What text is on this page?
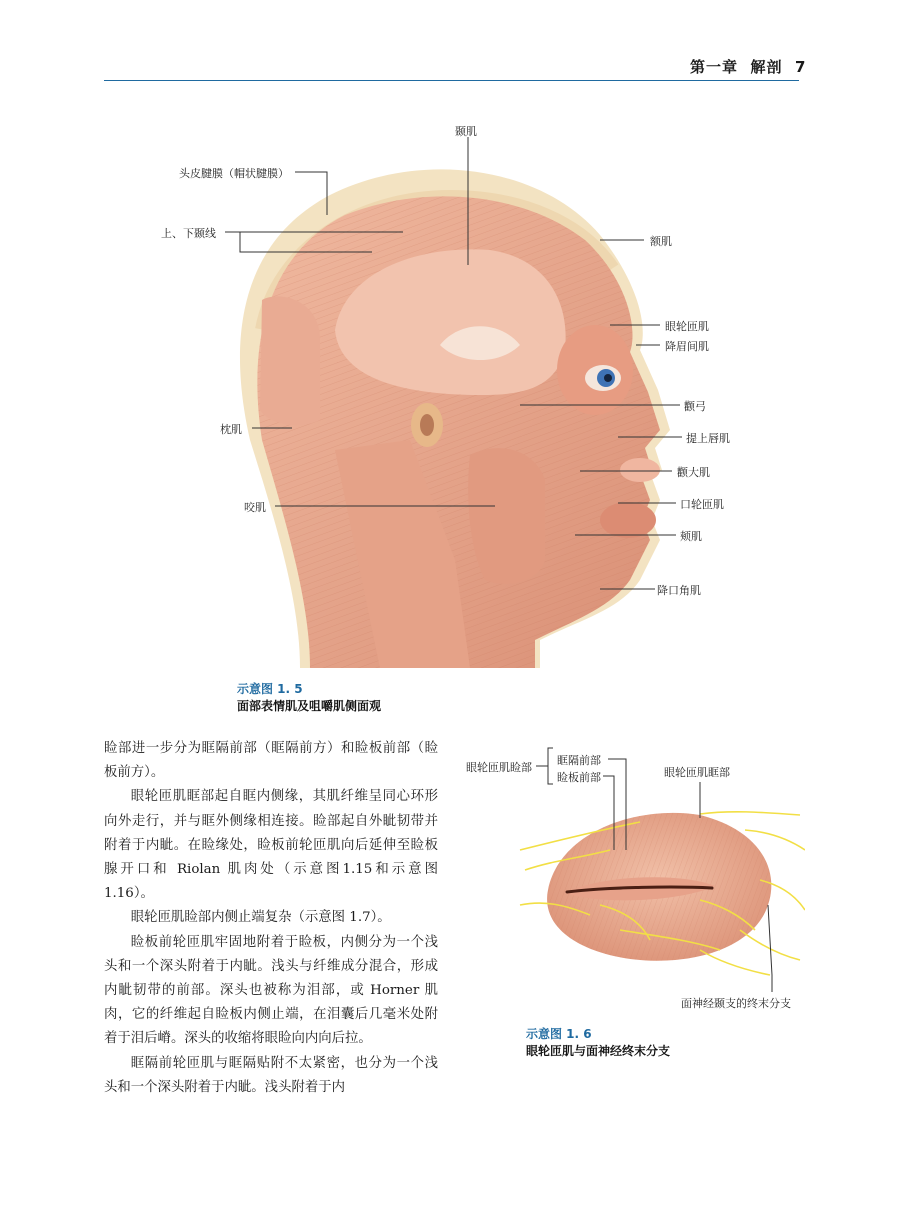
第一章 解剖 7
颞肌
头皮腱膜（帽状腱膜）
上、下颞线
额肌
眼轮匝肌
降眉间肌
颧弓
提上唇肌
枕肌
颧大肌
咬肌	口轮匝肌
颊肌
降口角肌
示意图 1. 5
面部表情肌及咀嚼肌侧面观

睑部进一步分为眶隔前部（眶隔前方）和睑板前部（睑板前方）。

眼轮匝肌眶部起自眶内侧缘，其肌纤维呈同心环形向外走行，并与眶外侧缘相连接。睑部起自外眦韧带并附着于内眦。在睑缘处，睑板前轮匝肌向后延伸至睑板腺开口和 Riolan 肌肉处（示意图1.15和示意图 1.16）。

眼轮匝肌睑部内侧止端复杂（示意图 1.7）。

睑板前轮匝肌牢固地附着于睑板，内侧分为一个浅头和一个深头附着于内眦。浅头与纤维成分混合，形成内眦韧带的前部。深头也被称为泪部，或 Horner 肌肉，它的纤维起自睑板内侧止端，在泪囊后几毫米处附着于泪后嵴。深头的收缩将眼睑向内向后拉。

眶隔前轮匝肌与眶隔贴附不太紧密，也分为一个浅头和一个深头附着于内眦。浅头附着于内

眼轮匝肌睑部
眶隔前部
睑板前部	眼轮匝肌眶部
面神经颞支的终末分支
示意图 1. 6
眼轮匝肌与面神经终末分支
